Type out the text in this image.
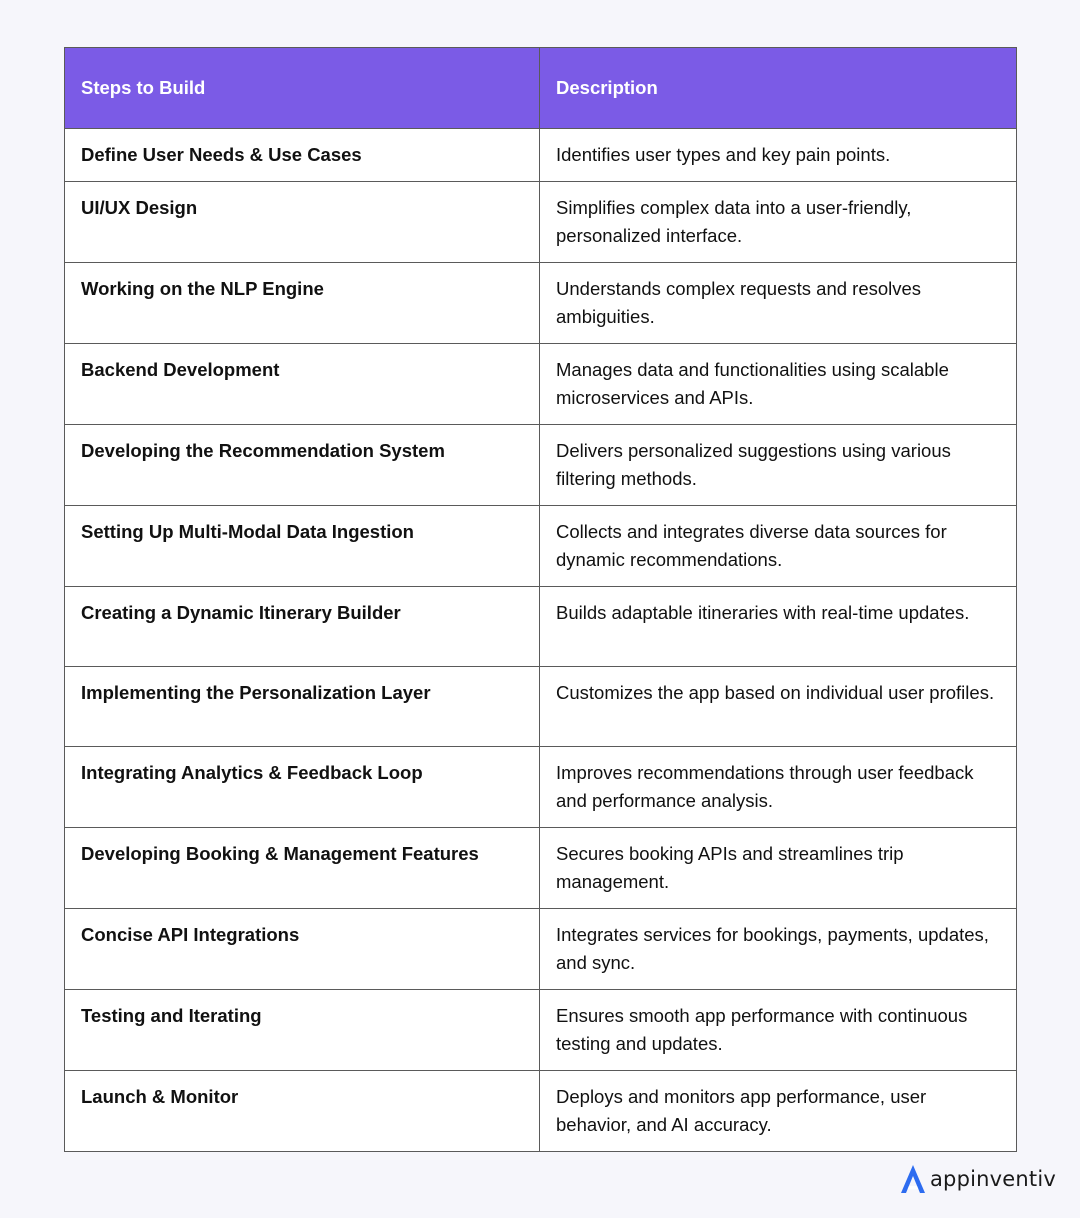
Steps to Build	Description
Define User Needs & Use Cases	Identifies user types and key pain points.
UI/UX Design	Simplifies complex data into a user-friendly, personalized interface.
Working on the NLP Engine	Understands complex requests and resolves ambiguities.
Backend Development	Manages data and functionalities using scalable microservices and APIs.
Developing the Recommendation System	Delivers personalized suggestions using various filtering methods.
Setting Up Multi-Modal Data Ingestion	Collects and integrates diverse data sources for dynamic recommendations.
Creating a Dynamic Itinerary Builder	Builds adaptable itineraries with real-time updates.
Implementing the Personalization Layer	Customizes the app based on individual user profiles.
Integrating Analytics & Feedback Loop	Improves recommendations through user feedback and performance analysis.
Developing Booking & Management Features	Secures booking APIs and streamlines trip management.
Concise API Integrations	Integrates services for bookings, payments, updates, and sync.
Testing and Iterating	Ensures smooth app performance with continuous testing and updates.
Launch & Monitor	Deploys and monitors app performance, user behavior, and AI accuracy.
appinventiv
